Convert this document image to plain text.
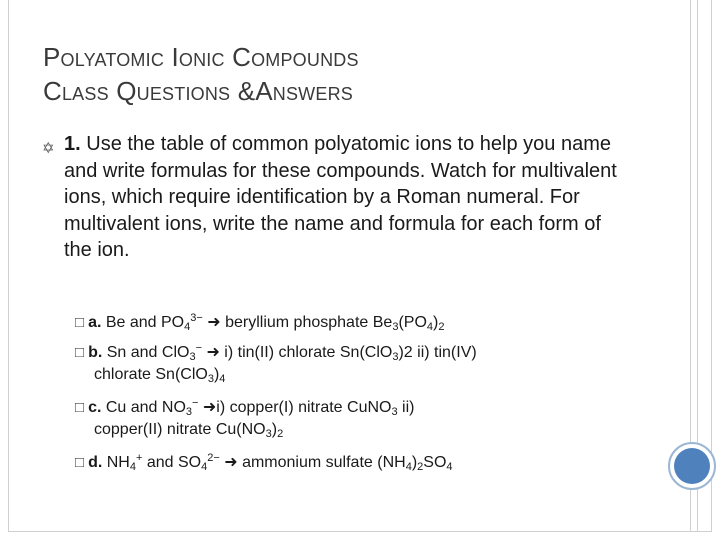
Polyatomic Ionic Compounds
Class Questions &Answers
✡ 1. Use the table of common polyatomic ions to help you name and write formulas for these compounds. Watch for multivalent ions, which require identification by a Roman numeral. For multivalent ions, write the name and formula for each form of the ion.
□ a. Be and $PO_4^{3-}$ ➜ beryllium phosphate $Be_3(PO_4)_2$
□ b. Sn and ClO$_3$− ➜ i) tin(II) chlorate Sn(ClO$_3$)2 ii) tin(IV)
chlorate $Sn(ClO_3)_4$
□ c. Cu and $NO_3^-$ ➜i) copper(I) nitrate CuNO$_3$ ii)
copper(II) nitrate $Cu(NO_3)_2$
□ d. $NH_4^+$ and $SO_4^{2-}$ ➜ ammonium sulfate $(NH_4)_2SO_4$
